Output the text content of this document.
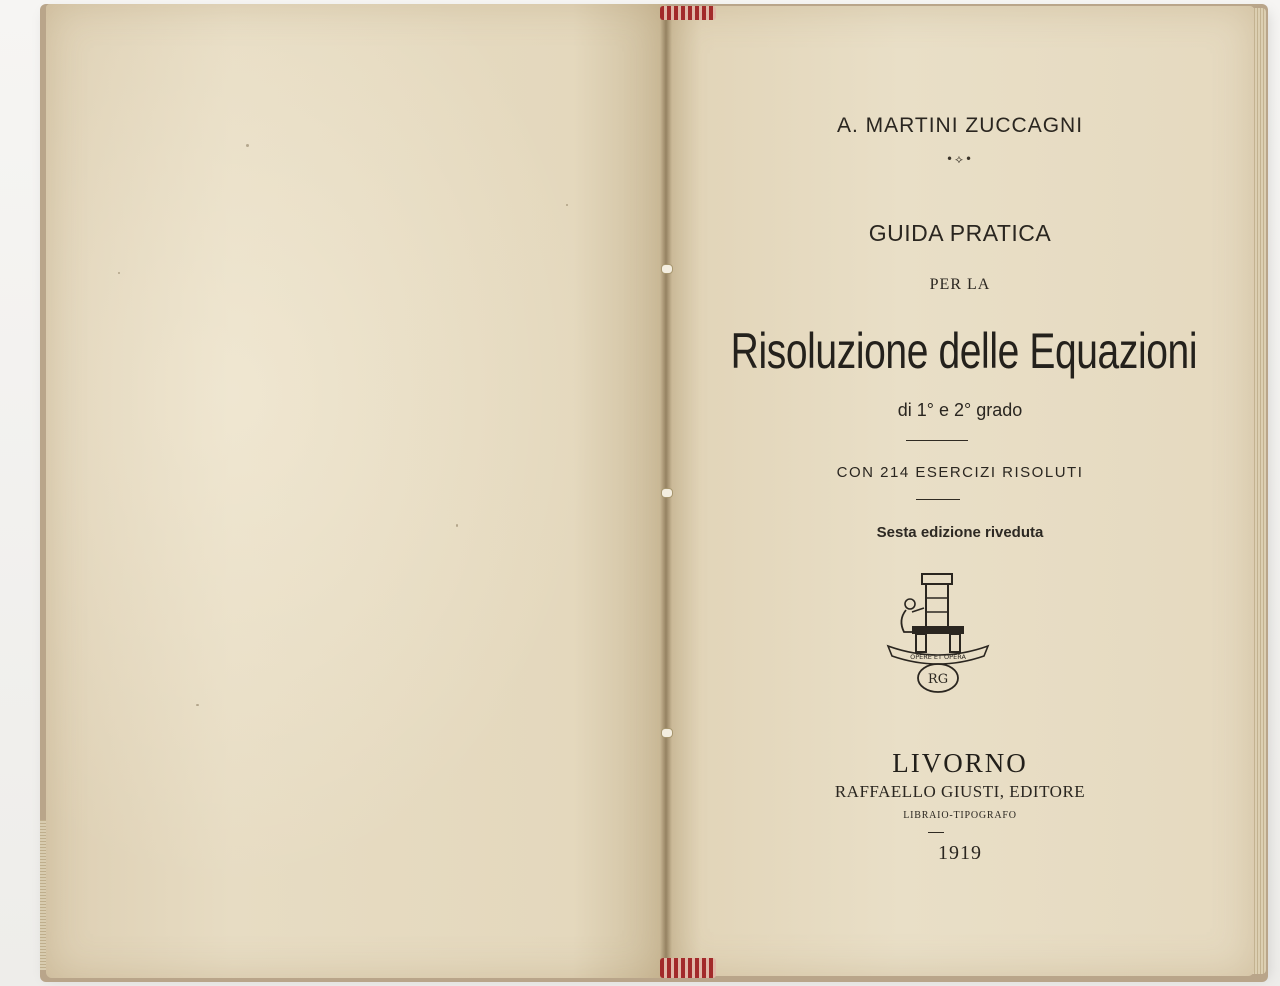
A. MARTINI ZUCCAGNI
•⟡•
GUIDA PRATICA
PER LA
Risoluzione delle Equazioni
di 1° e 2° grado
CON 214 ESERCIZI RISOLUTI
Sesta edizione riveduta
OPERE ET OPERA
RG
LIVORNO
RAFFAELLO GIUSTI, EDITORE
LIBRAIO-TIPOGRAFO
1919
